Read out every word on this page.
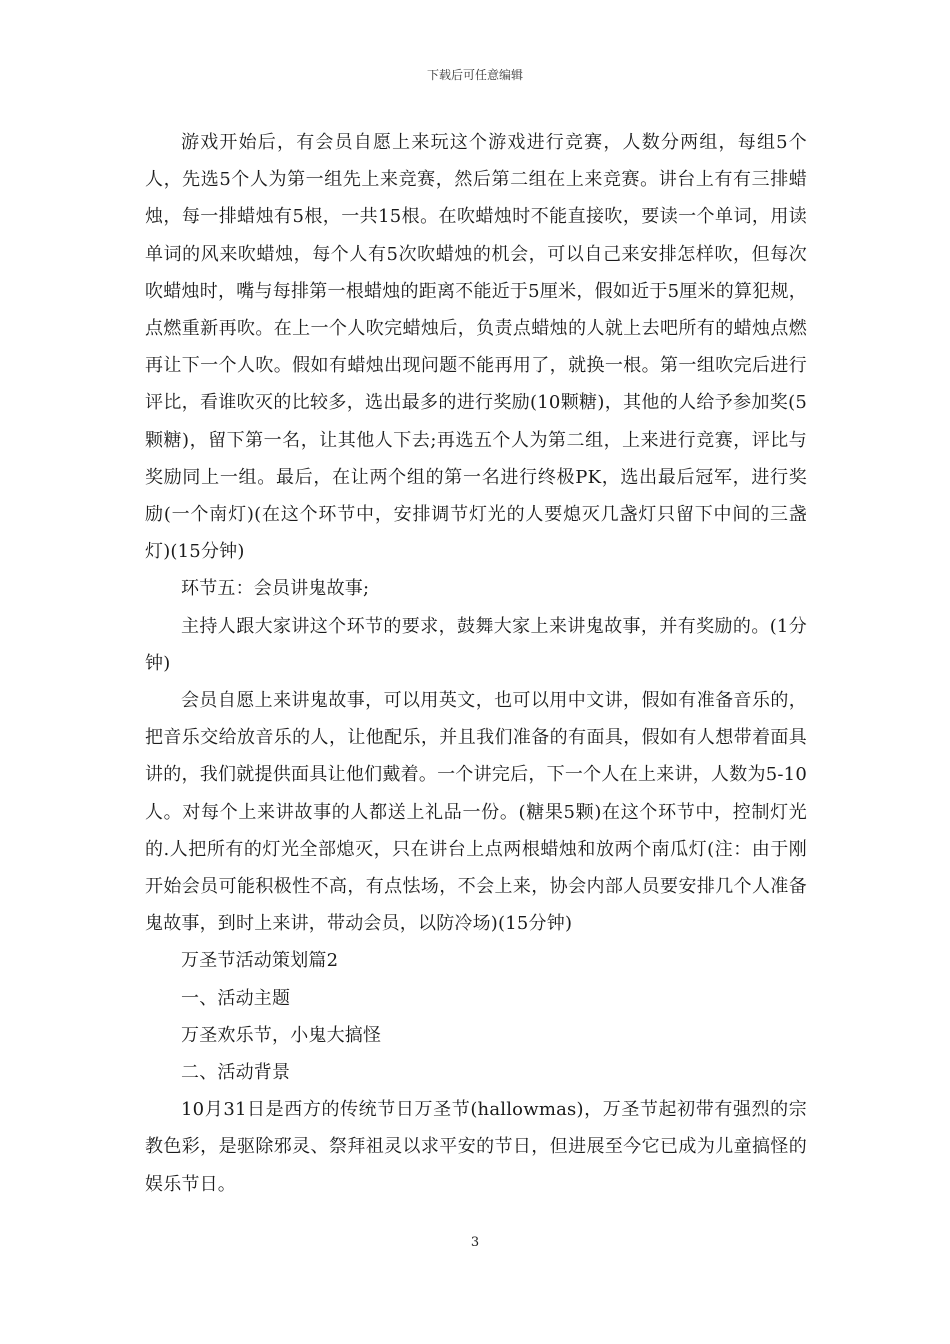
下载后可任意编辑

游戏开始后，有会员自愿上来玩这个游戏进行竞赛，人数分两组，每组5个人，先选5个人为第一组先上来竞赛，然后第二组在上来竞赛。讲台上有有三排蜡烛，每一排蜡烛有5根，一共15根。在吹蜡烛时不能直接吹，要读一个单词，用读单词的风来吹蜡烛，每个人有5次吹蜡烛的机会，可以自己来安排怎样吹，但每次吹蜡烛时，嘴与每排第一根蜡烛的距离不能近于5厘米，假如近于5厘米的算犯规，点燃重新再吹。在上一个人吹完蜡烛后，负责点蜡烛的人就上去吧所有的蜡烛点燃再让下一个人吹。假如有蜡烛出现问题不能再用了，就换一根。第一组吹完后进行评比，看谁吹灭的比较多，选出最多的进行奖励(10颗糖)，其他的人给予参加奖(5颗糖)，留下第一名，让其他人下去;再选五个人为第二组，上来进行竞赛，评比与奖励同上一组。最后，在让两个组的第一名进行终极PK，选出最后冠军，进行奖励(一个南灯)(在这个环节中，安排调节灯光的人要熄灭几盏灯只留下中间的三盏灯)(15分钟)

环节五：会员讲鬼故事;

主持人跟大家讲这个环节的要求，鼓舞大家上来讲鬼故事，并有奖励的。(1分钟)

会员自愿上来讲鬼故事，可以用英文，也可以用中文讲，假如有准备音乐的，把音乐交给放音乐的人，让他配乐，并且我们准备的有面具，假如有人想带着面具讲的，我们就提供面具让他们戴着。一个讲完后，下一个人在上来讲，人数为5-10人。对每个上来讲故事的人都送上礼品一份。(糖果5颗)在这个环节中，控制灯光的.人把所有的灯光全部熄灭，只在讲台上点两根蜡烛和放两个南瓜灯(注：由于刚开始会员可能积极性不高，有点怯场，不会上来，协会内部人员要安排几个人准备鬼故事，到时上来讲，带动会员，以防冷场)(15分钟)

万圣节活动策划篇2

一、活动主题

万圣欢乐节，小鬼大搞怪

二、活动背景

10月31日是西方的传统节日万圣节(hallowmas)，万圣节起初带有强烈的宗教色彩，是驱除邪灵、祭拜祖灵以求平安的节日，但进展至今它已成为儿童搞怪的娱乐节日。

3
